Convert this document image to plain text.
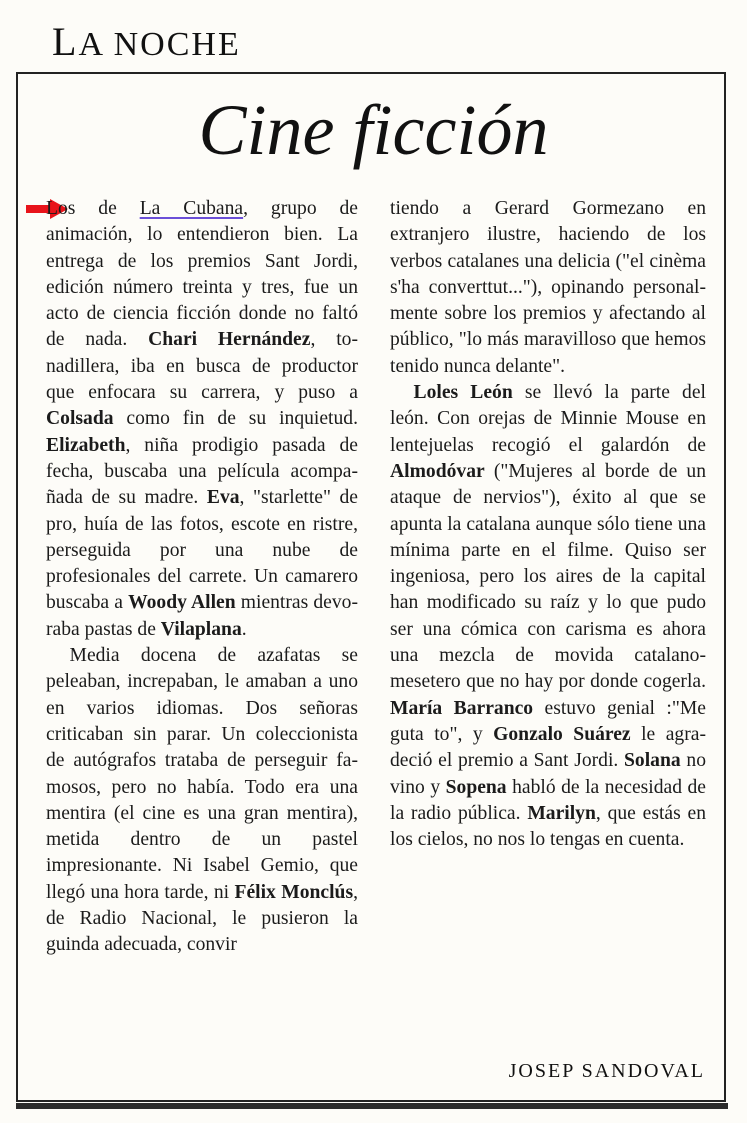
LA NOCHE
Cine ficción

Los de La Cubana, grupo de animación, lo entendieron bien. La entrega de los premios Sant Jordi, edición número treinta y tres, fue un acto de ciencia ficción donde no faltó de nada. Chari Hernández, tonadillera, iba en busca de productor que enfocara su carrera, y puso a Colsada como fin de su inquietud. Elizabeth, niña prodigio pasada de fecha, buscaba una película acompañada de su madre. Eva, "starlette" de pro, huía de las fotos, escote en ristre, perseguida por una nube de profesionales del carrete. Un camarero buscaba a Woody Allen mientras devoraba pastas de Vilaplana.

Media docena de azafatas se peleaban, increpaban, le amaban a uno en varios idiomas. Dos señoras criticaban sin parar. Un coleccionista de autógrafos trataba de perseguir famosos, pero no había. Todo era una mentira (el cine es una gran mentira), metida dentro de un pastel impresionante. Ni Isabel Gemio, que llegó una hora tarde, ni Félix Monclús, de Radio Nacional, le pusieron la guinda adecuada, convir

tiendo a Gerard Gormezano en extranjero ilustre, haciendo de los verbos catalanes una delicia ("el cinèma s'ha converttut..."), opinando personalmente sobre los premios y afectando al público, "lo más maravilloso que hemos tenido nunca delante".

Loles León se llevó la parte del león. Con orejas de Minnie Mouse en lentejuelas recogió el galardón de Almodóvar ("Mujeres al borde de un ataque de nervios"), éxito al que se apunta la catalana aunque sólo tiene una mínima parte en el filme. Quiso ser ingeniosa, pero los aires de la capital han modificado su raíz y lo que pudo ser una cómica con carisma es ahora una mezcla de movida catalano-mesetero que no hay por donde cogerla. María Barranco estuvo genial :"Me guta to", y Gonzalo Suárez le agradeció el premio a Sant Jordi. Solana no vino y Sopena habló de la necesidad de la radio pública. Marilyn, que estás en los cielos, no nos lo tengas en cuenta.

JOSEP SANDOVAL
